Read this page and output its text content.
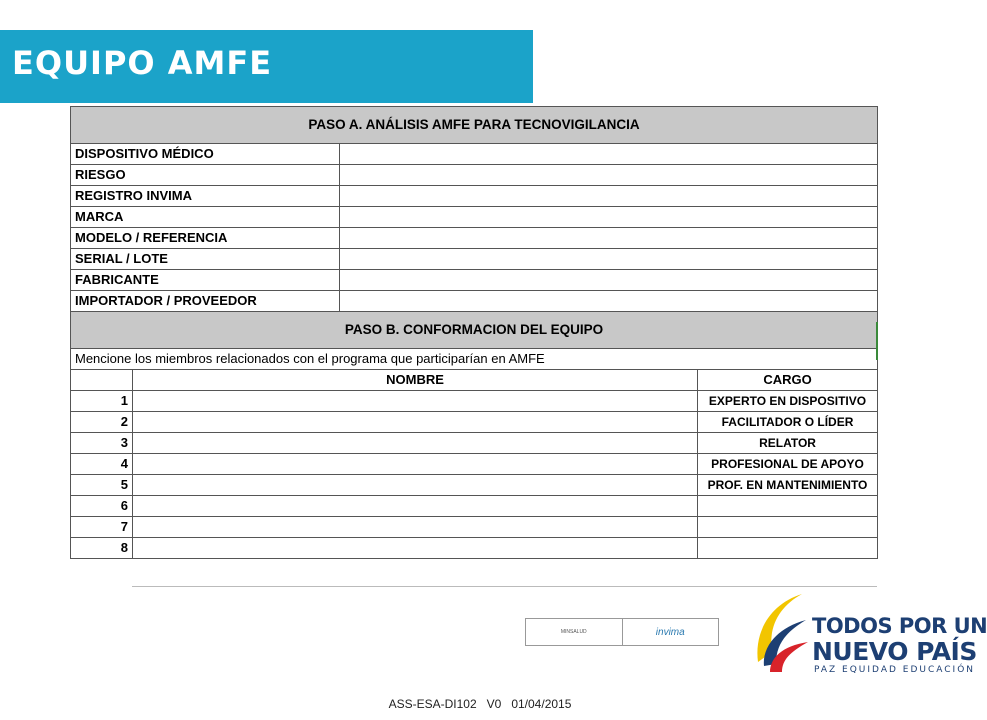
EQUIPO AMFE
PASO A. ANÁLISIS AMFE PARA TECNOVIGILANCIA			
DISPOSITIVO MÉDICO			
RIESGO			
REGISTRO INVIMA			
MARCA			
MODELO / REFERENCIA			
SERIAL / LOTE			
FABRICANTE			
IMPORTADOR / PROVEEDOR			
PASO B. CONFORMACION DEL EQUIPO			
Mencione los miembros relacionados con el programa que participarían en AMFE			
	NOMBRE		CARGO
1			EXPERTO EN DISPOSITIVO
2			FACILITADOR O LÍDER
3			RELATOR
4			PROFESIONAL DE APOYO
5			PROF. EN MANTENIMIENTO
6			
7			
8			
MINSALUD	invima	TODOS POR UN
NUEVO PAÍS
PAZ EQUIDAD EDUCACIÓN
ASS-ESA-DI102   V0   01/04/2015
